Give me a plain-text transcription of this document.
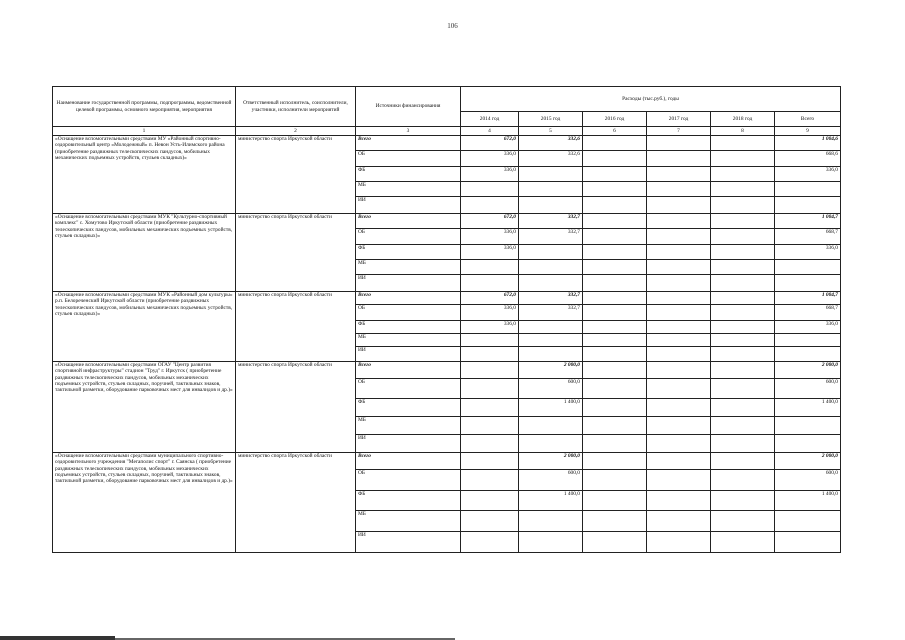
106
Наименование государственной программы, подпрограммы, ведомственной целевой программы, основного мероприятия, мероприятия	Ответственный исполнитель, соисполнители, участники, исполнители мероприятий	Источники финансирования	Расходы (тыс.руб.), годы					
			2014 год	2015 год	2016 год	2017 год	2018 год	Всего
1	2	3	4	5	6	7	8	9
«Оснащение вспомогательными средствами МУ «Районный спортивно-оздоровительный центр «Молодежный» п. Невон Усть-Илимского района (приобретение раздвижных телескопических пандусов, мобильных механических подъемных устройств, стульев складных)»	министерство спорта Иркутской области	Всего	672,0	332,6				1 004,6
		ОБ	336,0	332,6				668,6
		ФБ	336,0					336,0
		МБ						
		ИИ						
«Оснащение вспомогательными средствами МУК "Культурно-спортивный комплекс" с. Хомутово Иркутской области (приобретение раздвижных телескопических пандусов, мобильных механических подъемных устройств, стульев складных)»	министерство спорта Иркутской области	Всего	672,0	332,7				1 004,7
		ОБ	336,0	332,7				668,7
		ФБ	336,0					336,0
		МБ						
		ИИ						
«Оснащение вспомогательными средствами МУК «Районный дом культуры» р.п. Белореченский Иркутской области (приобретение раздвижных телескопических пандусов, мобильных механических подъемных устройств, стульев складных)»	министерство спорта Иркутской области	Всего	672,0	332,7				1 004,7
		ОБ	336,0	332,7				668,7
		ФБ	336,0					336,0
		МБ						
		ИИ						
«Оснащение вспомогательными средствами ОГАУ "Центр развития спортивной инфраструктуры" стадион "Труд" г. Иркутск ( приобретение раздвижных телескопических пандусов, мобильных механических подъемных устройств, стульев складных, поручней, тактильных знаков, тактильной разметки, оборудование парковочных мест для инвалидов и др.)»	министерство спорта Иркутской области	Всего		2 000,0				2 000,0
		ОБ		600,0				600,0
		ФБ		1 400,0				1 400,0
		МБ						
		ИИ						
«Оснащение вспомогательными средствами муниципального спортивно-оздоровительного учреждения "Мегаполис спорт" г. Саянска ( приобретение раздвижных телескопических пандусов, мобильных механических подъемных устройств, стульев складных, поручней, тактильных знаков, тактильной разметки, оборудование парковочных мест для инвалидов и др.)»	министерство спорта Иркутской области	Всего		2 000,0				2 000,0
		ОБ		600,0				600,0
		ФБ		1 400,0				1 400,0
		МБ						
		ИИ						
